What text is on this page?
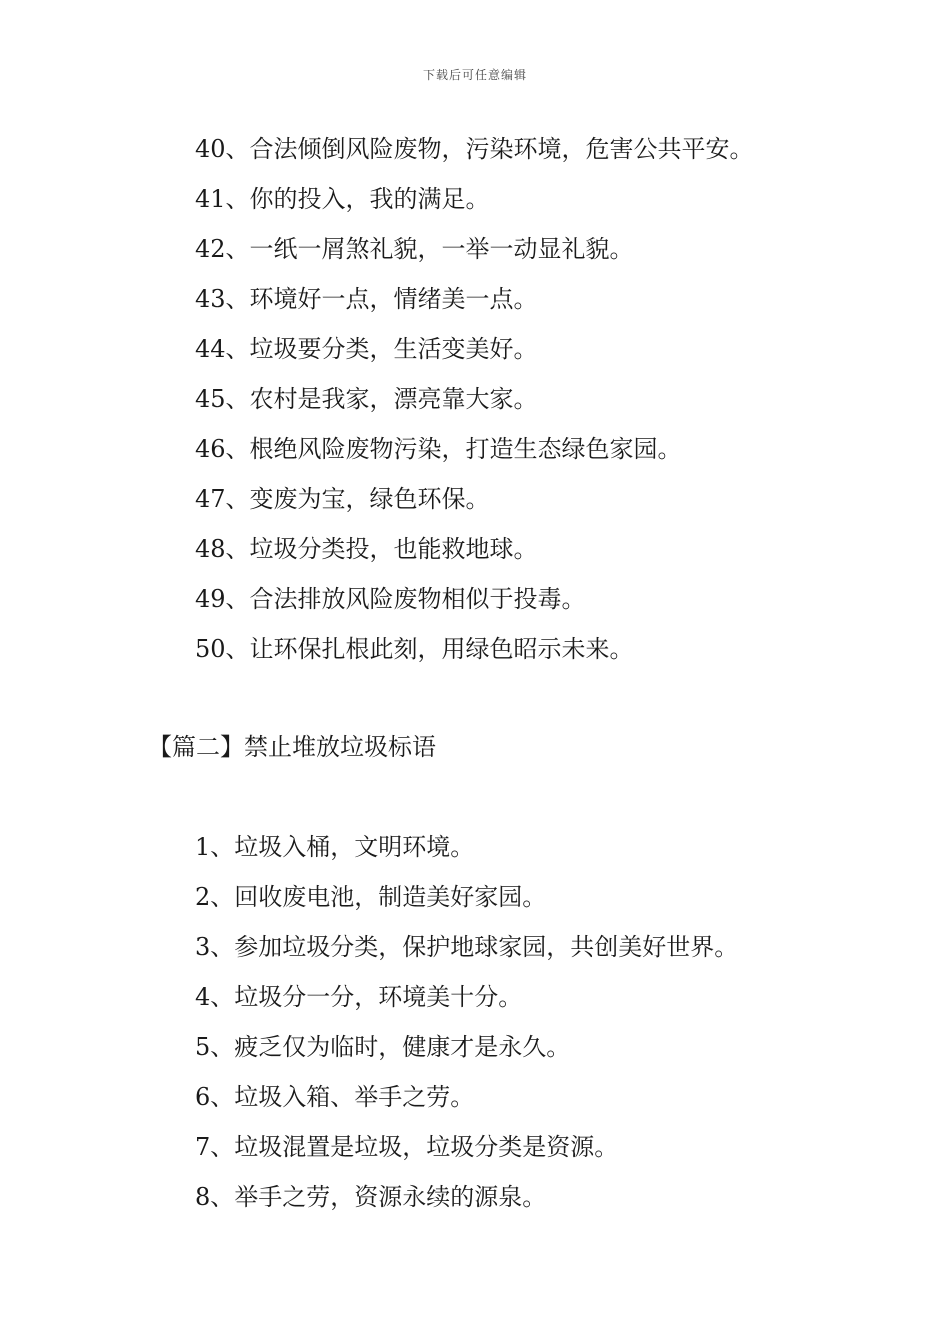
下载后可任意编辑
40、合法倾倒风险废物，污染环境，危害公共平安。
41、你的投入，我的满足。
42、一纸一屑煞礼貌，一举一动显礼貌。
43、环境好一点，情绪美一点。
44、垃圾要分类，生活变美好。
45、农村是我家，漂亮靠大家。
46、根绝风险废物污染，打造生态绿色家园。
47、变废为宝，绿色环保。
48、垃圾分类投，也能救地球。
49、合法排放风险废物相似于投毒。
50、让环保扎根此刻，用绿色昭示未来。
【篇二】禁止堆放垃圾标语
1、垃圾入桶，文明环境。
2、回收废电池，制造美好家园。
3、参加垃圾分类，保护地球家园，共创美好世界。
4、垃圾分一分，环境美十分。
5、疲乏仅为临时，健康才是永久。
6、垃圾入箱、举手之劳。
7、垃圾混置是垃圾，垃圾分类是资源。
8、举手之劳，资源永续的源泉。
